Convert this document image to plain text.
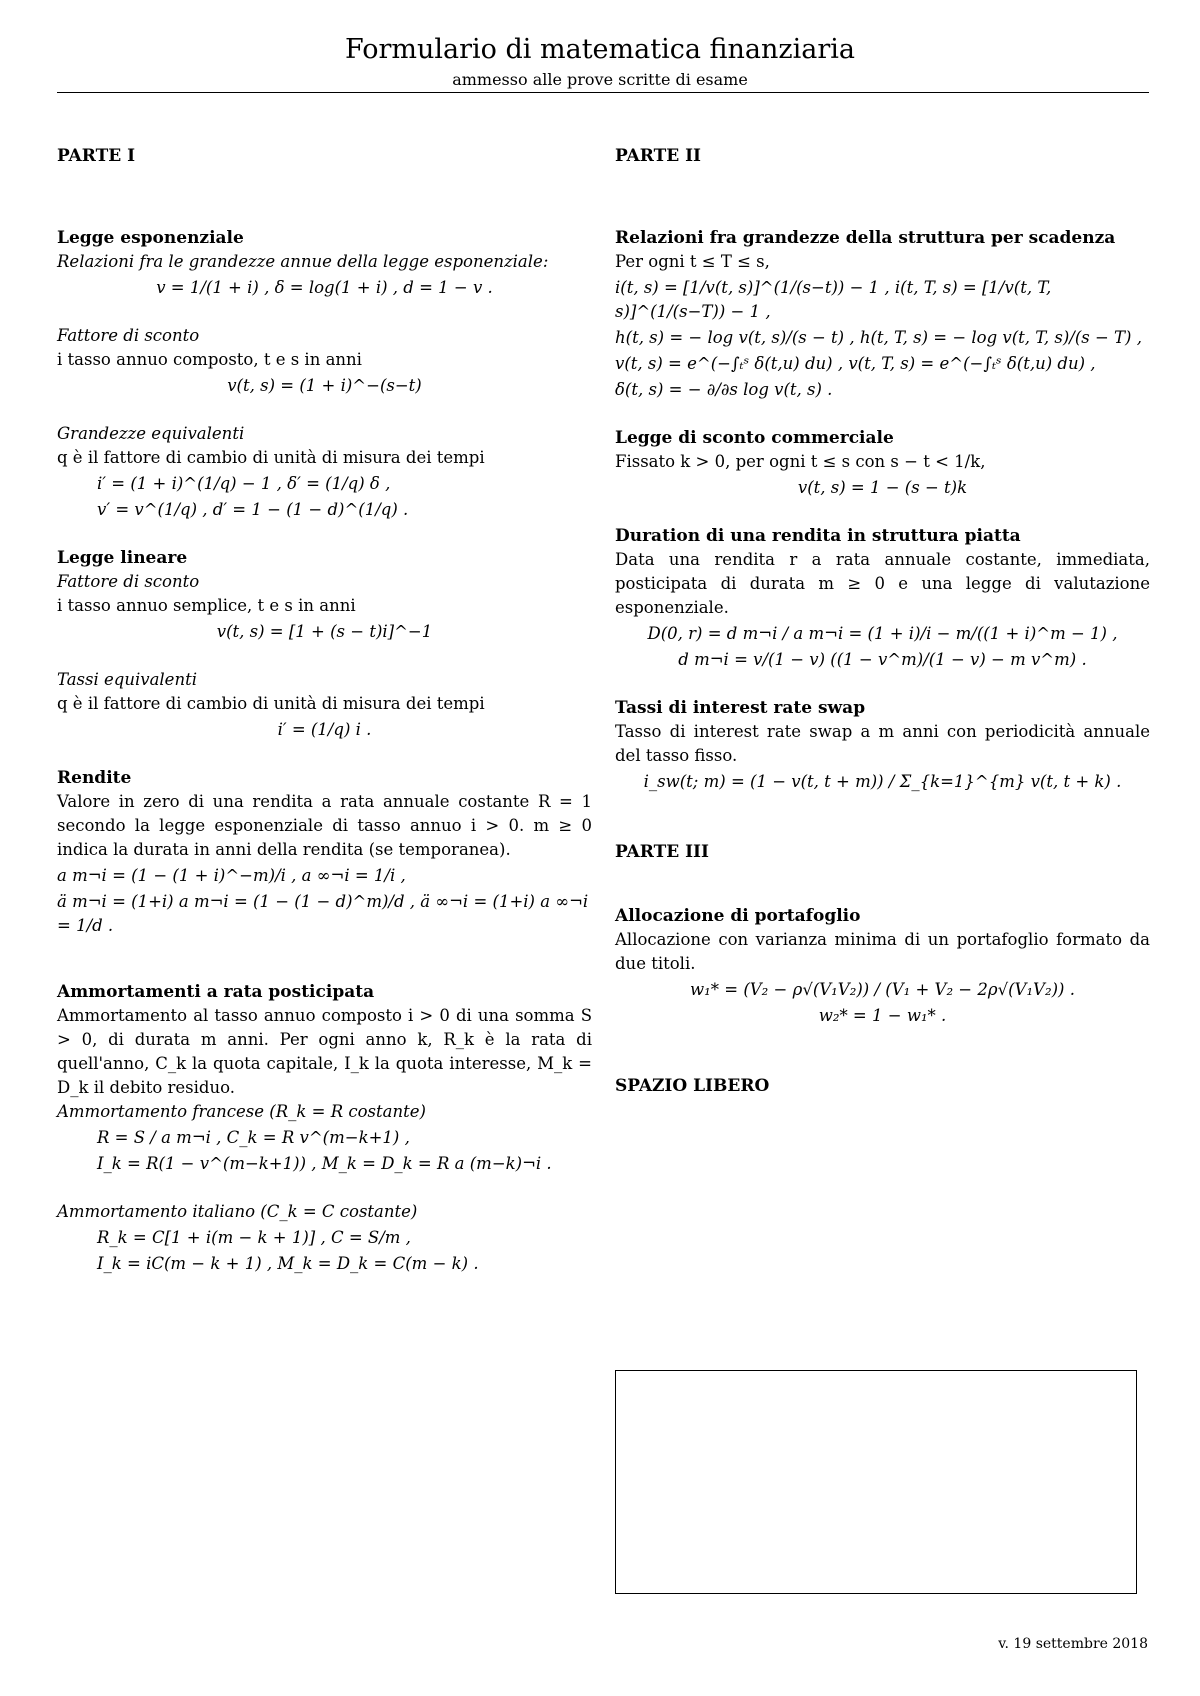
Formulario di matematica finanziaria
ammesso alle prove scritte di esame

PARTE I

Legge esponenziale

Relazioni fra le grandezze annue della legge esponenziale:

v = 1/(1 + i) , δ = log(1 + i) , d = 1 − v .

Fattore di sconto

i tasso annuo composto, t e s in anni

v(t, s) = (1 + i)^−(s−t)

Grandezze equivalenti

q è il fattore di cambio di unità di misura dei tempi

i′ = (1 + i)^(1/q) − 1 , δ′ = (1/q) δ ,
v′ = v^(1/q) , d′ = 1 − (1 − d)^(1/q) .

Legge lineare

Fattore di sconto

i tasso annuo semplice, t e s in anni

v(t, s) = [1 + (s − t)i]^−1

Tassi equivalenti

q è il fattore di cambio di unità di misura dei tempi

i′ = (1/q) i .

Rendite

Valore in zero di una rendita a rata annuale costante R = 1 secondo la legge esponenziale di tasso annuo i > 0. m ≥ 0 indica la durata in anni della rendita (se temporanea).

a m¬i = (1 − (1 + i)^−m)/i , a ∞¬i = 1/i ,
ä m¬i = (1+i) a m¬i = (1 − (1 − d)^m)/d , ä ∞¬i = (1+i) a ∞¬i = 1/d .

Ammortamenti a rata posticipata

Ammortamento al tasso annuo composto i > 0 di una somma S > 0, di durata m anni. Per ogni anno k, R_k è la rata di quell'anno, C_k la quota capitale, I_k la quota interesse, M_k = D_k il debito residuo.

Ammortamento francese (R_k = R costante)

R = S / a m¬i , C_k = R v^(m−k+1) ,
I_k = R(1 − v^(m−k+1)) , M_k = D_k = R a (m−k)¬i .

Ammortamento italiano (C_k = C costante)

R_k = C[1 + i(m − k + 1)] , C = S/m ,
I_k = iC(m − k + 1) , M_k = D_k = C(m − k) .

PARTE II

Relazioni fra grandezze della struttura per scadenza

Per ogni t ≤ T ≤ s,

i(t, s) = [1/v(t, s)]^(1/(s−t)) − 1 , i(t, T, s) = [1/v(t, T, s)]^(1/(s−T)) − 1 ,
h(t, s) = − log v(t, s)/(s − t) , h(t, T, s) = − log v(t, T, s)/(s − T) ,
v(t, s) = e^(−∫ₜˢ δ(t,u) du) , v(t, T, s) = e^(−∫ₜˢ δ(t,u) du) ,
δ(t, s) = − ∂/∂s log v(t, s) .

Legge di sconto commerciale

Fissato k > 0, per ogni t ≤ s con s − t < 1/k,

v(t, s) = 1 − (s − t)k

Duration di una rendita in struttura piatta

Data una rendita r a rata annuale costante, immediata, posticipata di durata m ≥ 0 e una legge di valutazione esponenziale.

D(0, r) = d m¬i / a m¬i = (1 + i)/i − m/((1 + i)^m − 1) ,
d m¬i = v/(1 − v) ((1 − v^m)/(1 − v) − m v^m) .

Tassi di interest rate swap

Tasso di interest rate swap a m anni con periodicità annuale del tasso fisso.

i_sw(t; m) = (1 − v(t, t + m)) / Σ_{k=1}^{m} v(t, t + k) .

PARTE III

Allocazione di portafoglio

Allocazione con varianza minima di un portafoglio formato da due titoli.

w₁* = (V₂ − ρ√(V₁V₂)) / (V₁ + V₂ − 2ρ√(V₁V₂)) .
w₂* = 1 − w₁* .

SPAZIO LIBERO

v. 19 settembre 2018
